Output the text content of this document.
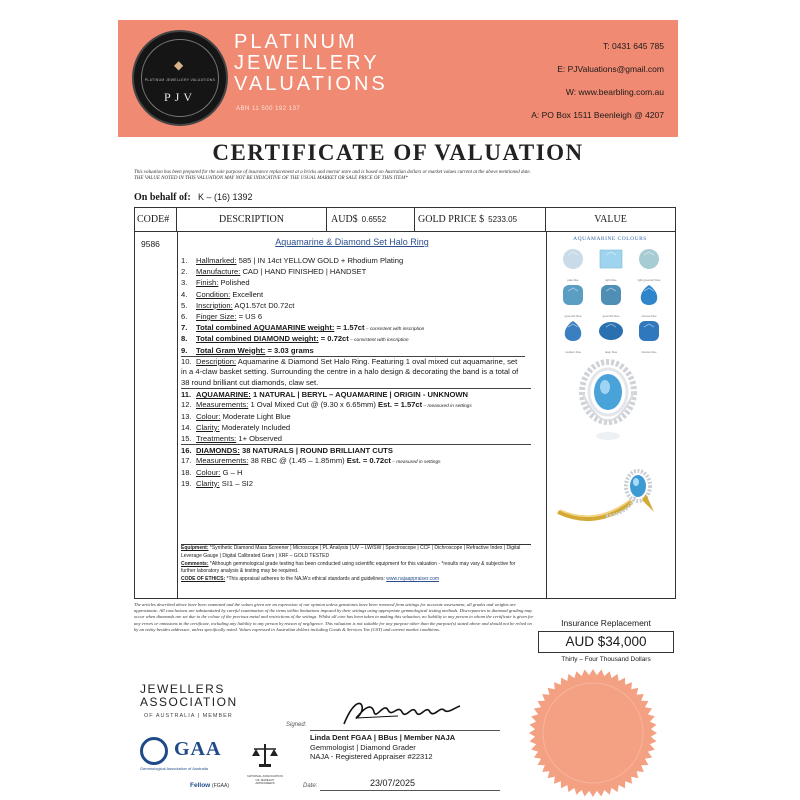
◆
PLATINUM JEWELLERY VALUATIONS
PJV
PLATINUM
JEWELLERY
VALUATIONS
ABN 11 500 192 137
T: 0431 645 785
E: PJValuations@gmail.com
W: www.bearbling.com.au
A: PO Box 1511 Beenleigh @ 4207
CERTIFICATE OF VALUATION
This valuation has been prepared for the sole purpose of insurance replacement at a bricks and mortar store and is based on Australian dollars or market values current at the above mentioned date.
THE VALUE NOTED IN THIS VALUATION MAY NOT BE INDICATIVE OF THE USUAL MARKET OR SALE PRICE OF THIS ITEM*
On behalf of: K – (16) 1392
CODE#	DESCRIPTION	AUD$ 0.6552	GOLD PRICE $ 5233.05	VALUE
9586	Aquamarine & Diamond Set Halo Ring
1. Hallmarked: 585 | IN 14ct YELLOW GOLD + Rhodium Plating
2. Manufacture: CAD | HAND FINISHED | HANDSET
3. Finish: Polished
4. Condition: Excellent
5. Inscription: AQ1.57ct D0.72ct
6. Finger Size: = US 6
7. Total combined AQUAMARINE weight: = 1.57ct – consistent with inscription
8. Total combined DIAMOND weight: = 0.72ct – consistent with inscription
9. Total Gram Weight: = 3.03 grams
10. Description: Aquamarine & Diamond Set Halo Ring. Featuring 1 oval mixed cut aquamarine, set in a 4-claw basket setting. Surrounding the centre in a halo design & decorating the band is a total of 38 round brilliant cut diamonds, claw set.
11. AQUAMARINE: 1 NATURAL | BERYL – AQUAMARINE | ORIGIN - UNKNOWN
12. Measurements: 1 Oval Mixed Cut @ (9.30 x 6.65mm) Est. = 1.57ct – measured in settings
13. Colour: Moderate Light Blue
14. Clarity: Moderately Included
15. Treatments: 1+ Observed
16. DIAMONDS: 38 NATURALS | ROUND BRILLIANT CUTS
17. Measurements: 38 RBC @ (1.45 – 1.85mm) Est. = 0.72ct – measured in settings
18. Colour: G – H
19. Clarity: SI1 – SI2
Equipment: *Synthetic Diamond Mass Screener | Microscope | PL Analysis | UV – LW/SW | Spectroscope | CCF | Dichroscope | Refractive Index | Digital Leverage Gauge | Digital Calibrated Gram | XRF – GOLD TESTED
Comments: *Although gemmological grade testing has been conducted using scientific equipment for this valuation - *results may vary & subjective for further laboratory analysis & testing may be required.
CODE OF ETHICS: *This appraisal adheres to the NAJA's ethical standards and guidelines: www.najaappraiser.com
AQUAMARINE COLOURS
pale blue	light blue	light greenish blue
greenish blue	greenish blue	intense blue
medium blue	deep blue	intense blue
The articles described above have been examined and the values given are an expression of our opinion unless gemstones have been removed from settings for accurate assessment, all grades and weights are approximate. All conclusions are substantiated by careful examination of the items within limitations imposed by their settings using appropriate gemmological testing methods. Discrepancies in diamond grading may occur when diamonds are set due to the colour of the precious metal and restrictions of the settings. Whilst all care has been taken in making this valuation, no liability to any person to whom the certificate is given for any errors or omissions in the certificate, including any liability to any person by reason of negligence. This valuation is not suitable for any purpose other than the purpose(s) stated above and should not be relied on by an entity besides addressee, unless specifically noted. Values expressed in Australian dollars including Goods & Services Tax (GST) and current market conditions.
Insurance Replacement
AUD $34,000
Thirty – Four Thousand Dollars
JEWELLERS
ASSOCIATION
OF AUSTRALIA | MEMBER
GAA
Gemmological Association of Australia
Fellow (FGAA)
NATIONAL ASSOCIATION OF JEWELRY APPRAISERS
Signed:
Linda Dent FGAA | BBus | Member NAJA
Gemmologist | Diamond Grader
NAJA - Registered Appraiser #22312
Date:	23/07/2025
